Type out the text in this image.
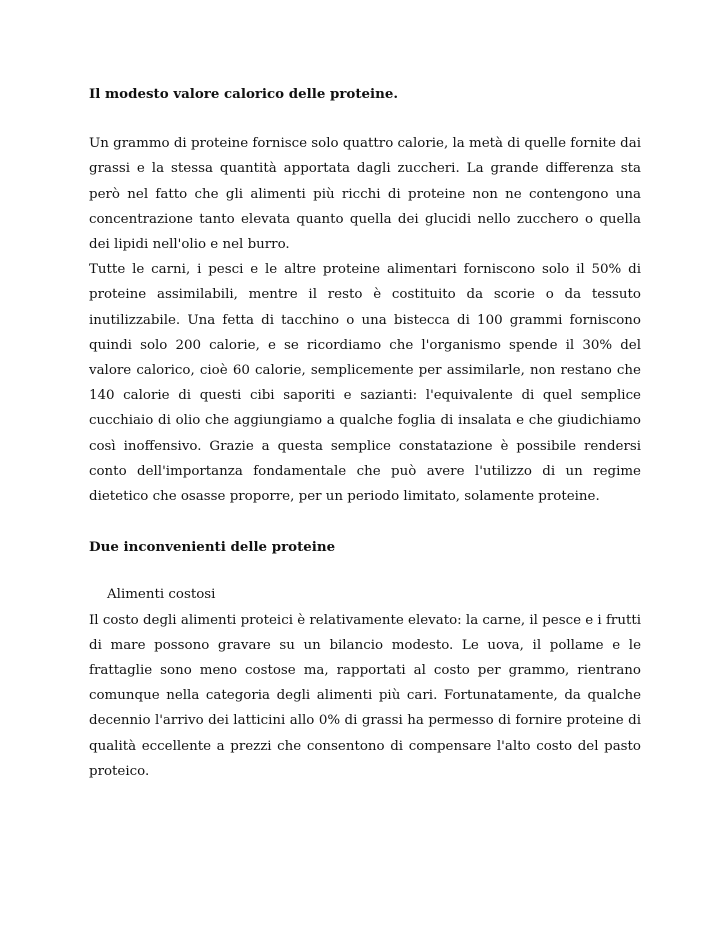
Il modesto valore calorico delle proteine.

Un grammo di proteine fornisce solo quattro calorie, la metà di quelle fornite dai grassi e la stessa quantità apportata dagli zuccheri. La grande differenza sta però nel fatto che gli alimenti più ricchi di proteine non ne contengono una concentrazione tanto elevata quanto quella dei glucidi nello zucchero o quella dei lipidi nell'olio e nel burro.

Tutte le carni, i pesci e le altre proteine alimentari forniscono solo il 50% di proteine assimilabili, mentre il resto è costituito da scorie o da tessuto inutilizzabile. Una fetta di tacchino o una bistecca di 100 grammi forniscono quindi solo 200 calorie, e se ricordiamo che l'organismo spende il 30% del valore calorico, cioè 60 calorie, semplicemente per assimilarle, non restano che 140 calorie di questi cibi saporiti e sazianti: l'equivalente di quel semplice cucchiaio di olio che aggiungiamo a qualche foglia di insalata e che giudichiamo così inoffensivo. Grazie a questa semplice constatazione è possibile rendersi conto dell'importanza fondamentale che può avere l'utilizzo di un regime dietetico che osasse proporre, per un periodo limitato, solamente proteine.

Due inconvenienti delle proteine

Alimenti costosi

Il costo degli alimenti proteici è relativamente elevato: la carne, il pesce e i frutti di mare possono gravare su un bilancio modesto. Le uova, il pollame e le frattaglie sono meno costose ma, rapportati al costo per grammo, rientrano comunque nella categoria degli alimenti più cari. Fortunatamente, da qualche decennio l'arrivo dei latticini allo 0% di grassi ha permesso di fornire proteine di qualità eccellente a prezzi che consentono di compensare l'alto costo del pasto proteico.
